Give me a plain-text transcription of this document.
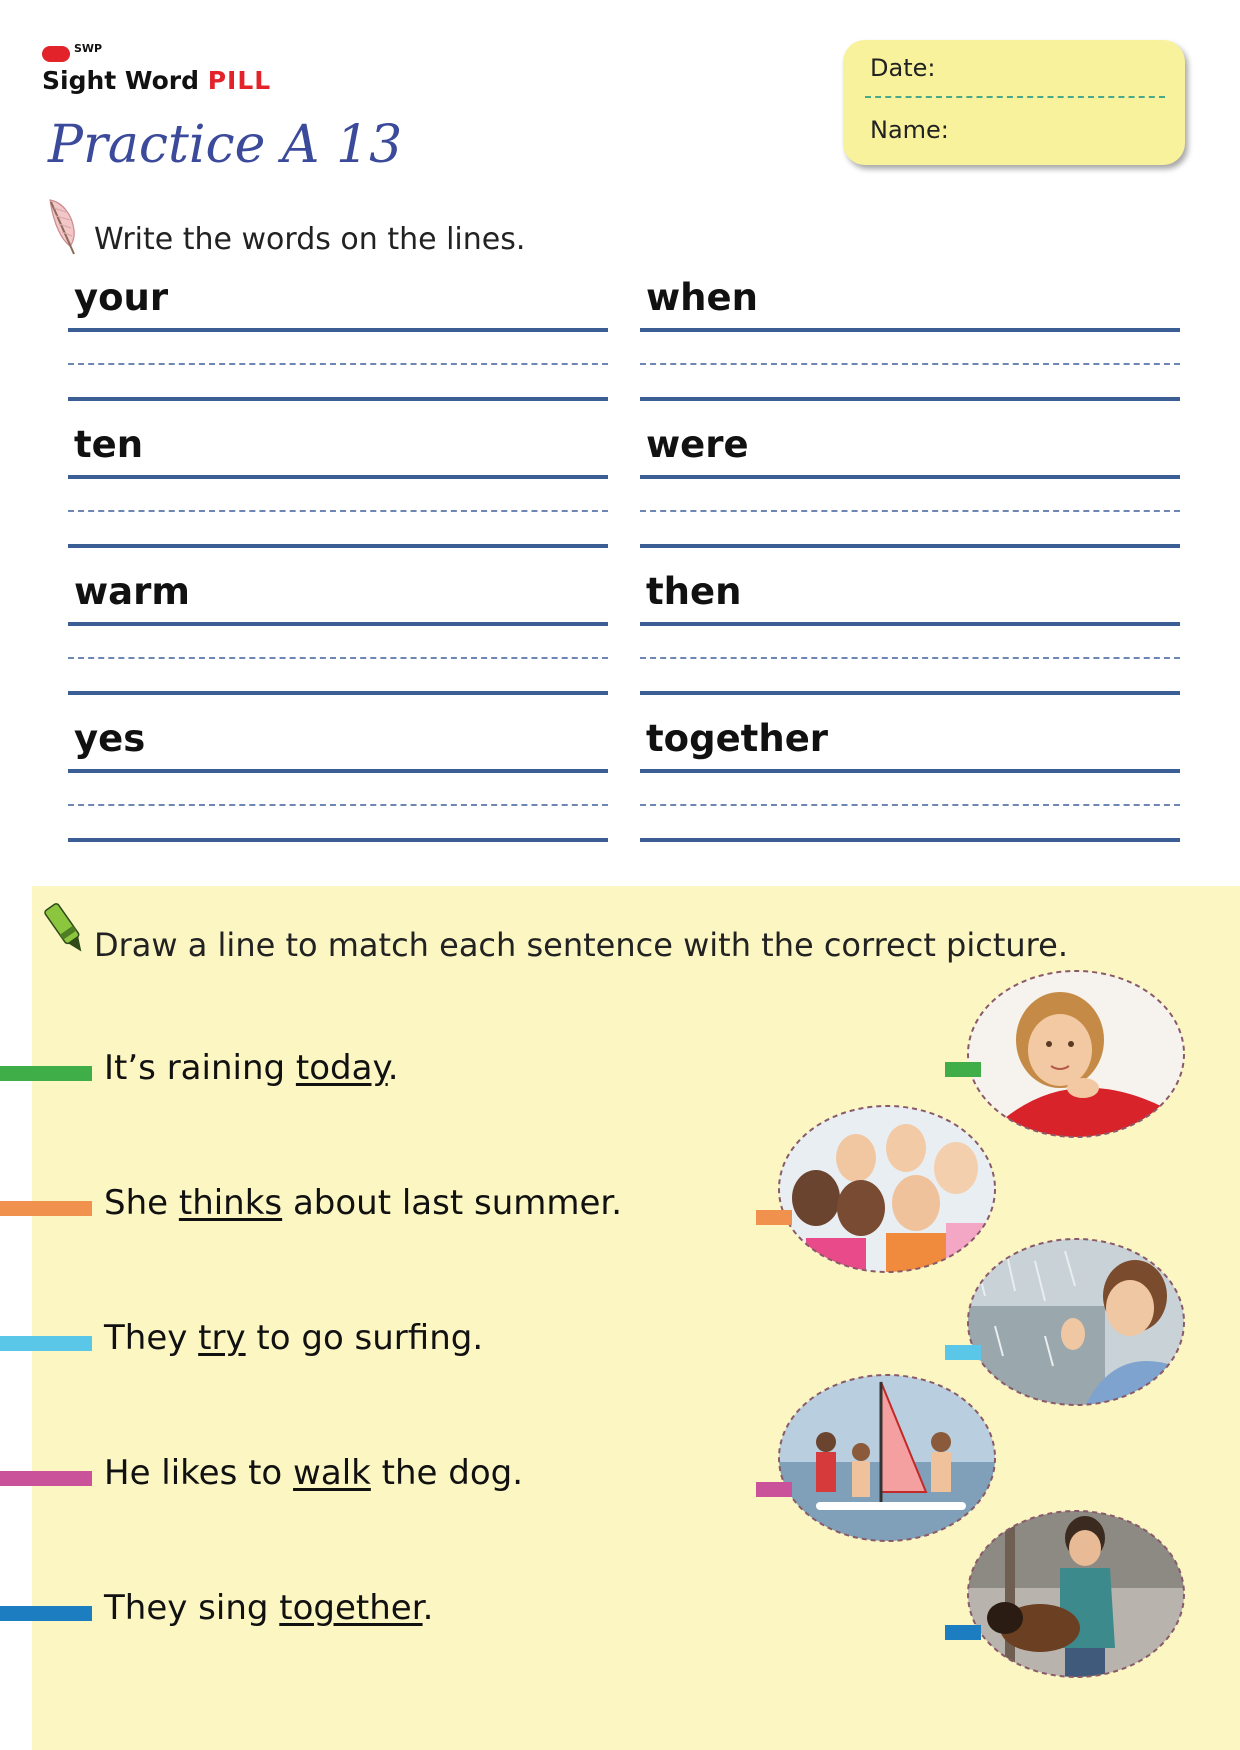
SWP
Sight Word PILL
Practice A 13
Date:
Name:
Write the words on the lines.
your	when
ten	were
warm	then
yes	together
Draw a line to match each sentence with the correct picture.
It’s raining today.
She thinks about last summer.
They try to go surfing.
He likes to walk the dog.
They sing together.
